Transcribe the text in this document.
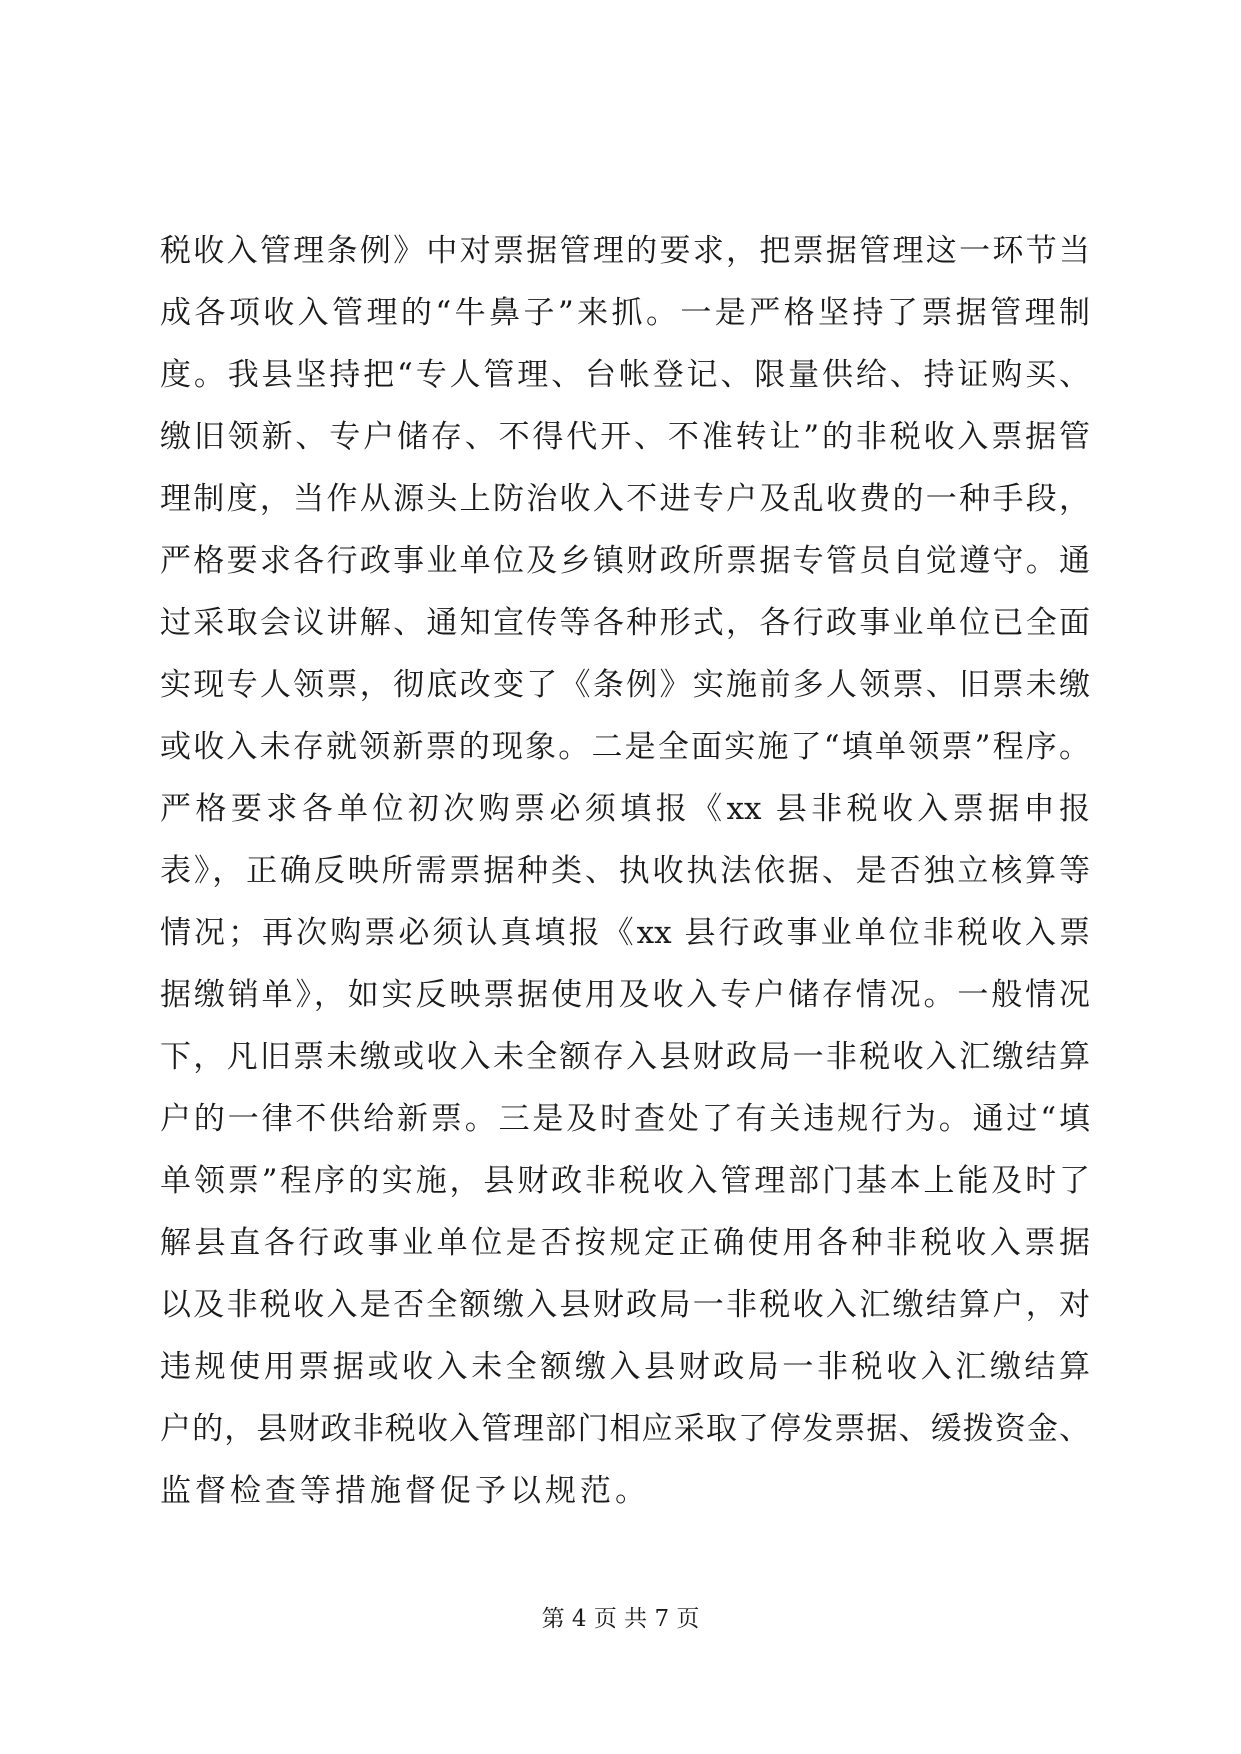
税收入管理条例》中对票据管理的要求，把票据管理这一环节当
成各项收入管理的“牛鼻子”来抓。一是严格坚持了票据管理制
度。我县坚持把“专人管理、台帐登记、限量供给、持证购买、
缴旧领新、专户储存、不得代开、不准转让”的非税收入票据管
理制度，当作从源头上防治收入不进专户及乱收费的一种手段，
严格要求各行政事业单位及乡镇财政所票据专管员自觉遵守。通
过采取会议讲解、通知宣传等各种形式，各行政事业单位已全面
实现专人领票，彻底改变了《条例》实施前多人领票、旧票未缴
或收入未存就领新票的现象。二是全面实施了“填单领票”程序。
严格要求各单位初次购票必须填报《xx 县非税收入票据申报
表》，正确反映所需票据种类、执收执法依据、是否独立核算等
情况；再次购票必须认真填报《xx 县行政事业单位非税收入票
据缴销单》，如实反映票据使用及收入专户储存情况。一般情况
下，凡旧票未缴或收入未全额存入县财政局一非税收入汇缴结算
户的一律不供给新票。三是及时查处了有关违规行为。通过“填
单领票”程序的实施，县财政非税收入管理部门基本上能及时了
解县直各行政事业单位是否按规定正确使用各种非税收入票据
以及非税收入是否全额缴入县财政局一非税收入汇缴结算户，对
违规使用票据或收入未全额缴入县财政局一非税收入汇缴结算
户的，县财政非税收入管理部门相应采取了停发票据、缓拨资金、
监督检查等措施督促予以规范。
第 4 页 共 7 页
